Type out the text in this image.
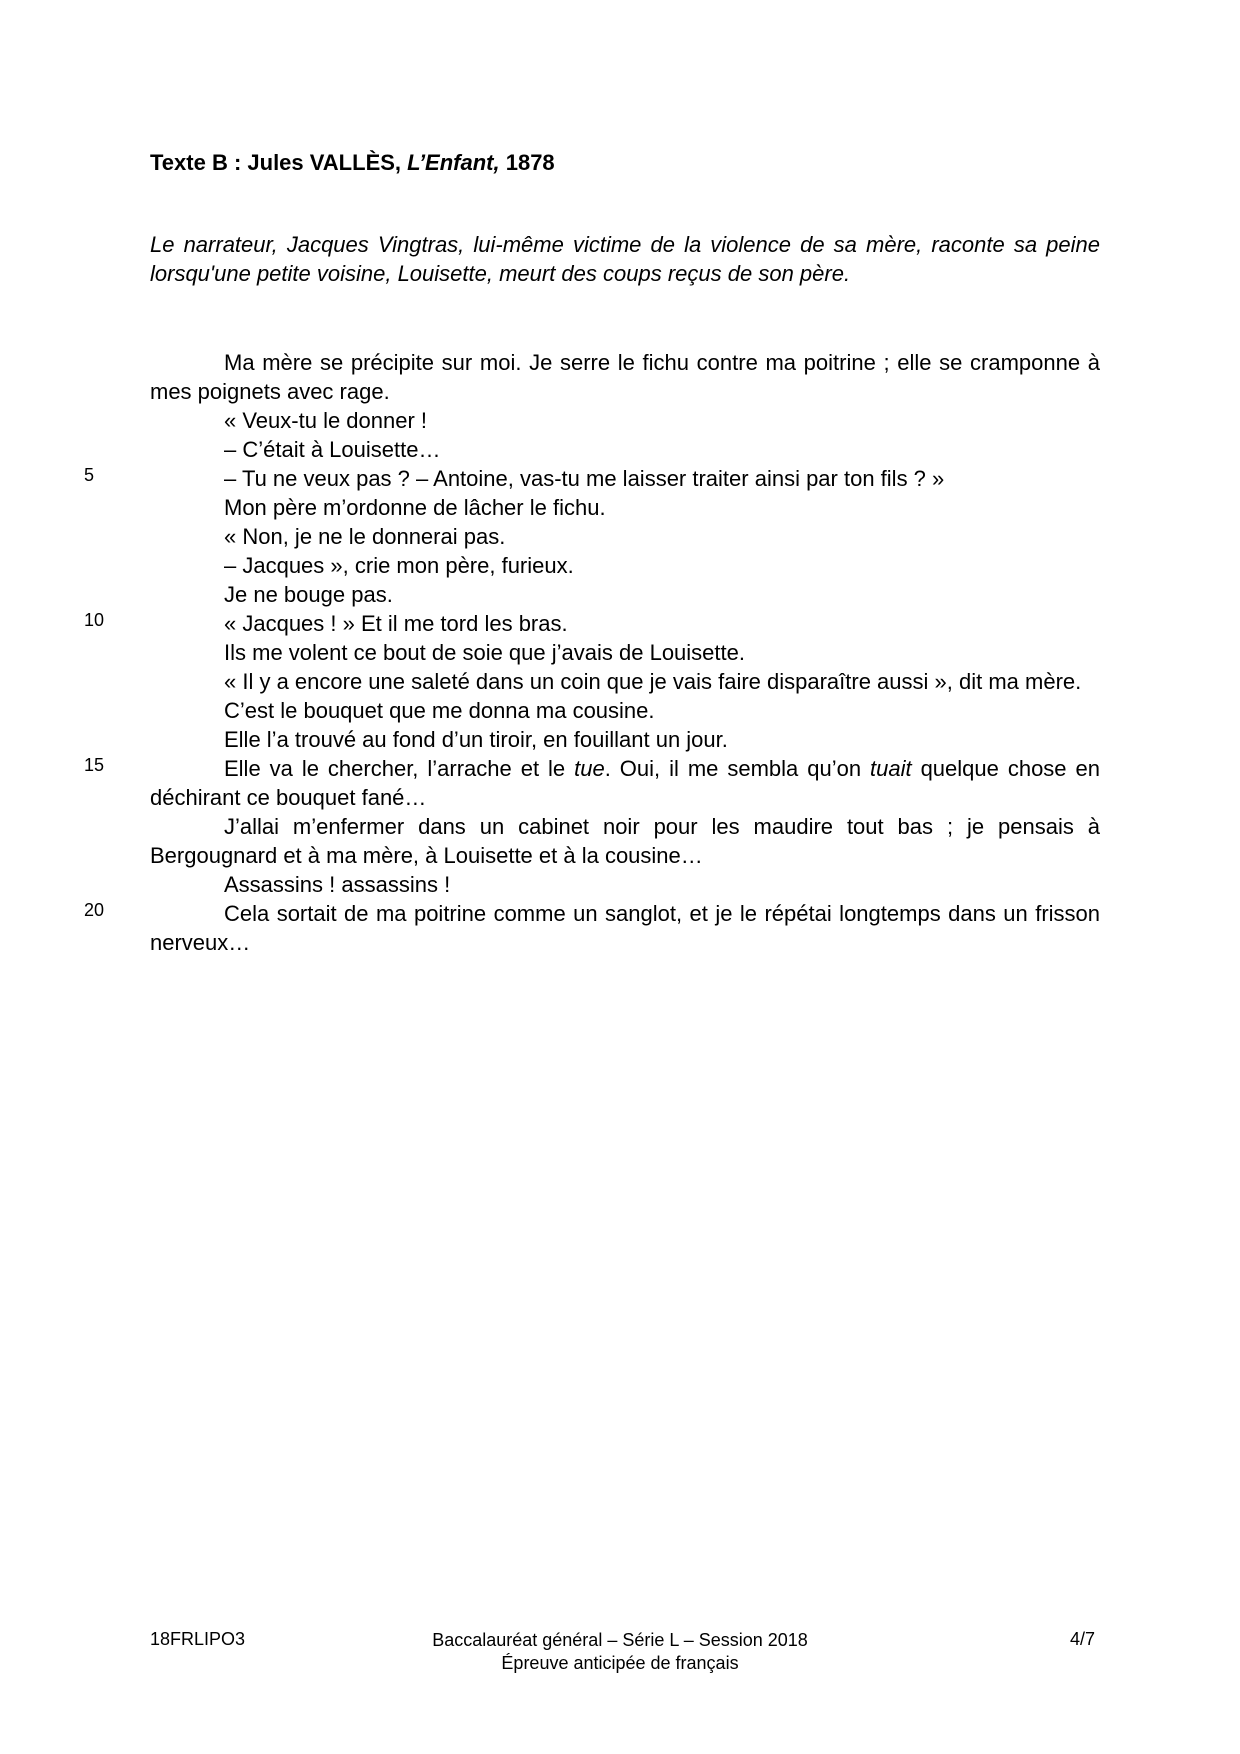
Texte B : Jules VALLÈS, L’Enfant, 1878
Le narrateur, Jacques Vingtras, lui-même victime de la violence de sa mère, raconte sa peine lorsqu'une petite voisine, Louisette, meurt des coups reçus de son père.

Ma mère se précipite sur moi. Je serre le fichu contre ma poitrine ; elle se cramponne à mes poignets avec rage.

« Veux-tu le donner !

– C’était à Louisette…

– Tu ne veux pas ? – Antoine, vas-tu me laisser traiter ainsi par ton fils ? »

Mon père m’ordonne de lâcher le fichu.

« Non, je ne le donnerai pas.

– Jacques », crie mon père, furieux.

Je ne bouge pas.

« Jacques ! » Et il me tord les bras.

Ils me volent ce bout de soie que j’avais de Louisette.

« Il y a encore une saleté dans un coin que je vais faire disparaître aussi », dit ma mère.

C’est le bouquet que me donna ma cousine.

Elle l’a trouvé au fond d’un tiroir, en fouillant un jour.

Elle va le chercher, l’arrache et le tue. Oui, il me sembla qu’on tuait quelque chose en déchirant ce bouquet fané…

J’allai m’enfermer dans un cabinet noir pour les maudire tout bas ; je pensais à Bergougnard et à ma mère, à Louisette et à la cousine…

Assassins ! assassins !

Cela sortait de ma poitrine comme un sanglot, et je le répétai longtemps dans un frisson nerveux…

5
10
15
20
18FRLIPO3	Baccalauréat général – Série L – Session 2018
Épreuve anticipée de français
4/7
